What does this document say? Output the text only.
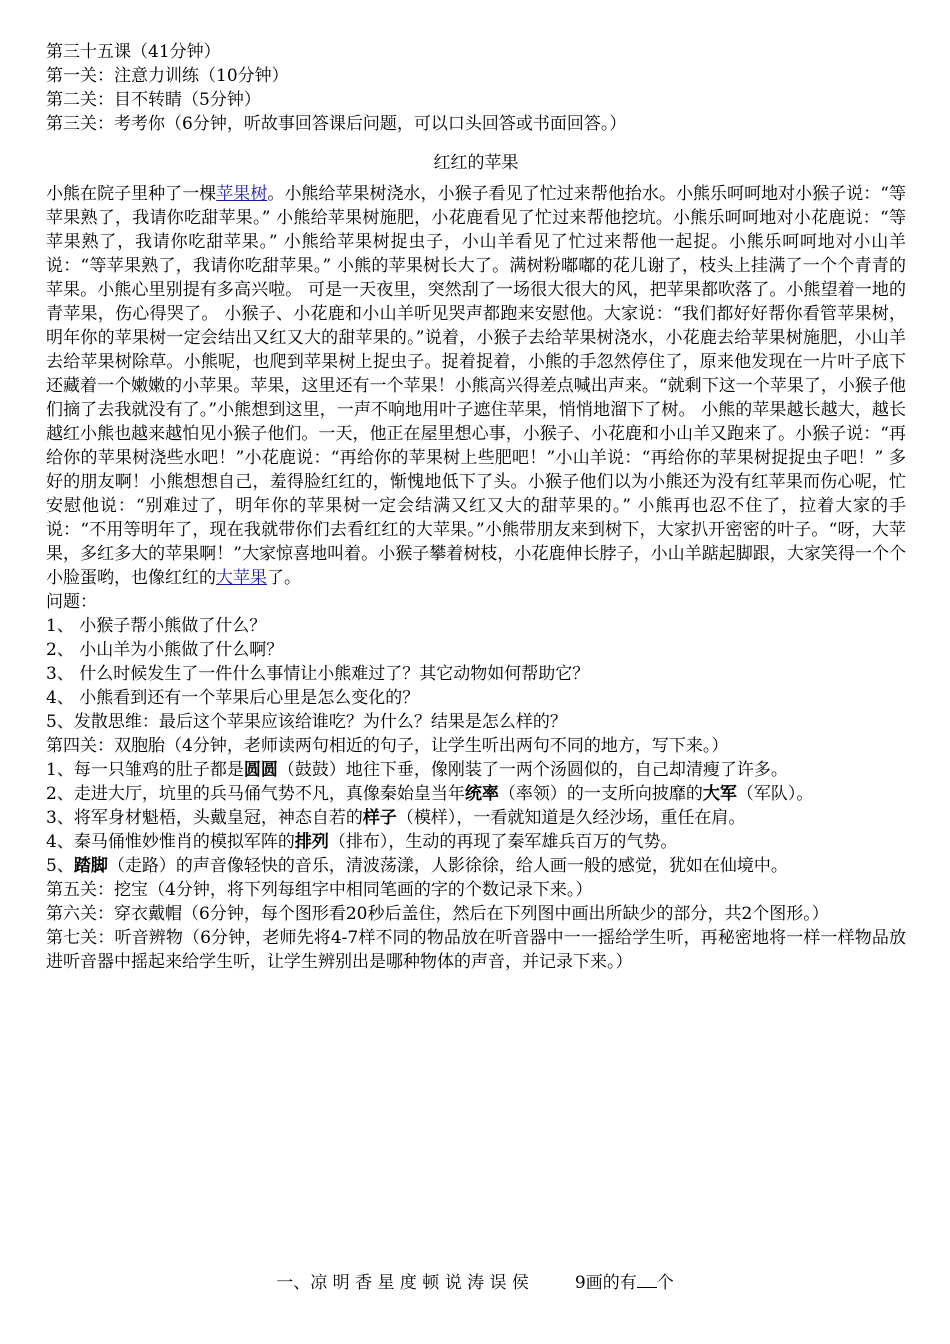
第三十五课（41分钟）
第一关：注意力训练（10分钟）
第二关：目不转睛（5分钟）
第三关：考考你（6分钟，听故事回答课后问题，可以口头回答或书面回答。）
红红的苹果

小熊在院子里种了一棵苹果树。小熊给苹果树浇水，小猴子看见了忙过来帮他抬水。小熊乐呵呵地对小猴子说：“等苹果熟了，我请你吃甜苹果。” 小熊给苹果树施肥，小花鹿看见了忙过来帮他挖坑。小熊乐呵呵地对小花鹿说：“等苹果熟了，我请你吃甜苹果。” 小熊给苹果树捉虫子，小山羊看见了忙过来帮他一起捉。小熊乐呵呵地对小山羊说：“等苹果熟了，我请你吃甜苹果。” 小熊的苹果树长大了。满树粉嘟嘟的花儿谢了，枝头上挂满了一个个青青的苹果。小熊心里别提有多高兴啦。 可是一天夜里，突然刮了一场很大很大的风，把苹果都吹落了。小熊望着一地的青苹果，伤心得哭了。 小猴子、小花鹿和小山羊听见哭声都跑来安慰他。大家说：“我们都好好帮你看管苹果树，明年你的苹果树一定会结出又红又大的甜苹果的。”说着，小猴子去给苹果树浇水，小花鹿去给苹果树施肥，小山羊去给苹果树除草。小熊呢，也爬到苹果树上捉虫子。捉着捉着，小熊的手忽然停住了，原来他发现在一片叶子底下还藏着一个嫩嫩的小苹果。苹果，这里还有一个苹果！小熊高兴得差点喊出声来。“就剩下这一个苹果了，小猴子他们摘了去我就没有了。”小熊想到这里，一声不响地用叶子遮住苹果，悄悄地溜下了树。 小熊的苹果越长越大，越长越红小熊也越来越怕见小猴子他们。一天，他正在屋里想心事，小猴子、小花鹿和小山羊又跑来了。小猴子说：“再给你的苹果树浇些水吧！”小花鹿说：“再给你的苹果树上些肥吧！”小山羊说：“再给你的苹果树捉捉虫子吧！” 多好的朋友啊！小熊想想自己，羞得脸红红的，惭愧地低下了头。小猴子他们以为小熊还为没有红苹果而伤心呢，忙安慰他说：“别难过了，明年你的苹果树一定会结满又红又大的甜苹果的。” 小熊再也忍不住了，拉着大家的手说：“不用等明年了，现在我就带你们去看红红的大苹果。”小熊带朋友来到树下，大家扒开密密的叶子。“呀，大苹果，多红多大的苹果啊！”大家惊喜地叫着。小猴子攀着树枝，小花鹿伸长脖子，小山羊踮起脚跟，大家笑得一个个小脸蛋哟，也像红红的大苹果了。

问题：
1、 小猴子帮小熊做了什么？
2、 小山羊为小熊做了什么啊？
3、 什么时候发生了一件什么事情让小熊难过了？其它动物如何帮助它？
4、 小熊看到还有一个苹果后心里是怎么变化的？
5、发散思维：最后这个苹果应该给谁吃？为什么？结果是怎么样的？
第四关：双胞胎（4分钟，老师读两句相近的句子，让学生听出两句不同的地方，写下来。）
1、每一只雏鸡的肚子都是圆圆（鼓鼓）地往下垂，像刚装了一两个汤圆似的，自己却清瘦了许多。
2、走进大厅，坑里的兵马俑气势不凡，真像秦始皇当年统率（率领）的一支所向披靡的大军（军队）。
3、将军身材魁梧，头戴皇冠，神态自若的样子（模样），一看就知道是久经沙场，重任在肩。
4、秦马俑惟妙惟肖的模拟军阵的排列（排布），生动的再现了秦军雄兵百万的气势。
5、踏脚（走路）的声音像轻快的音乐，清波荡漾，人影徐徐，给人画一般的感觉，犹如在仙境中。
第五关：挖宝（4分钟，将下列每组字中相同笔画的字的个数记录下来。）
第六关：穿衣戴帽（6分钟，每个图形看20秒后盖住，然后在下列图中画出所缺少的部分，共2个图形。）
第七关：听音辨物（6分钟，老师先将4-7样不同的物品放在听音器中一一摇给学生听，再秘密地将一样一样物品放进听音器中摇起来给学生听，让学生辨别出是哪种物体的声音，并记录下来。）
一、凉 明 香 星 度 顿 说 涛 误 侯	9画的有 个
